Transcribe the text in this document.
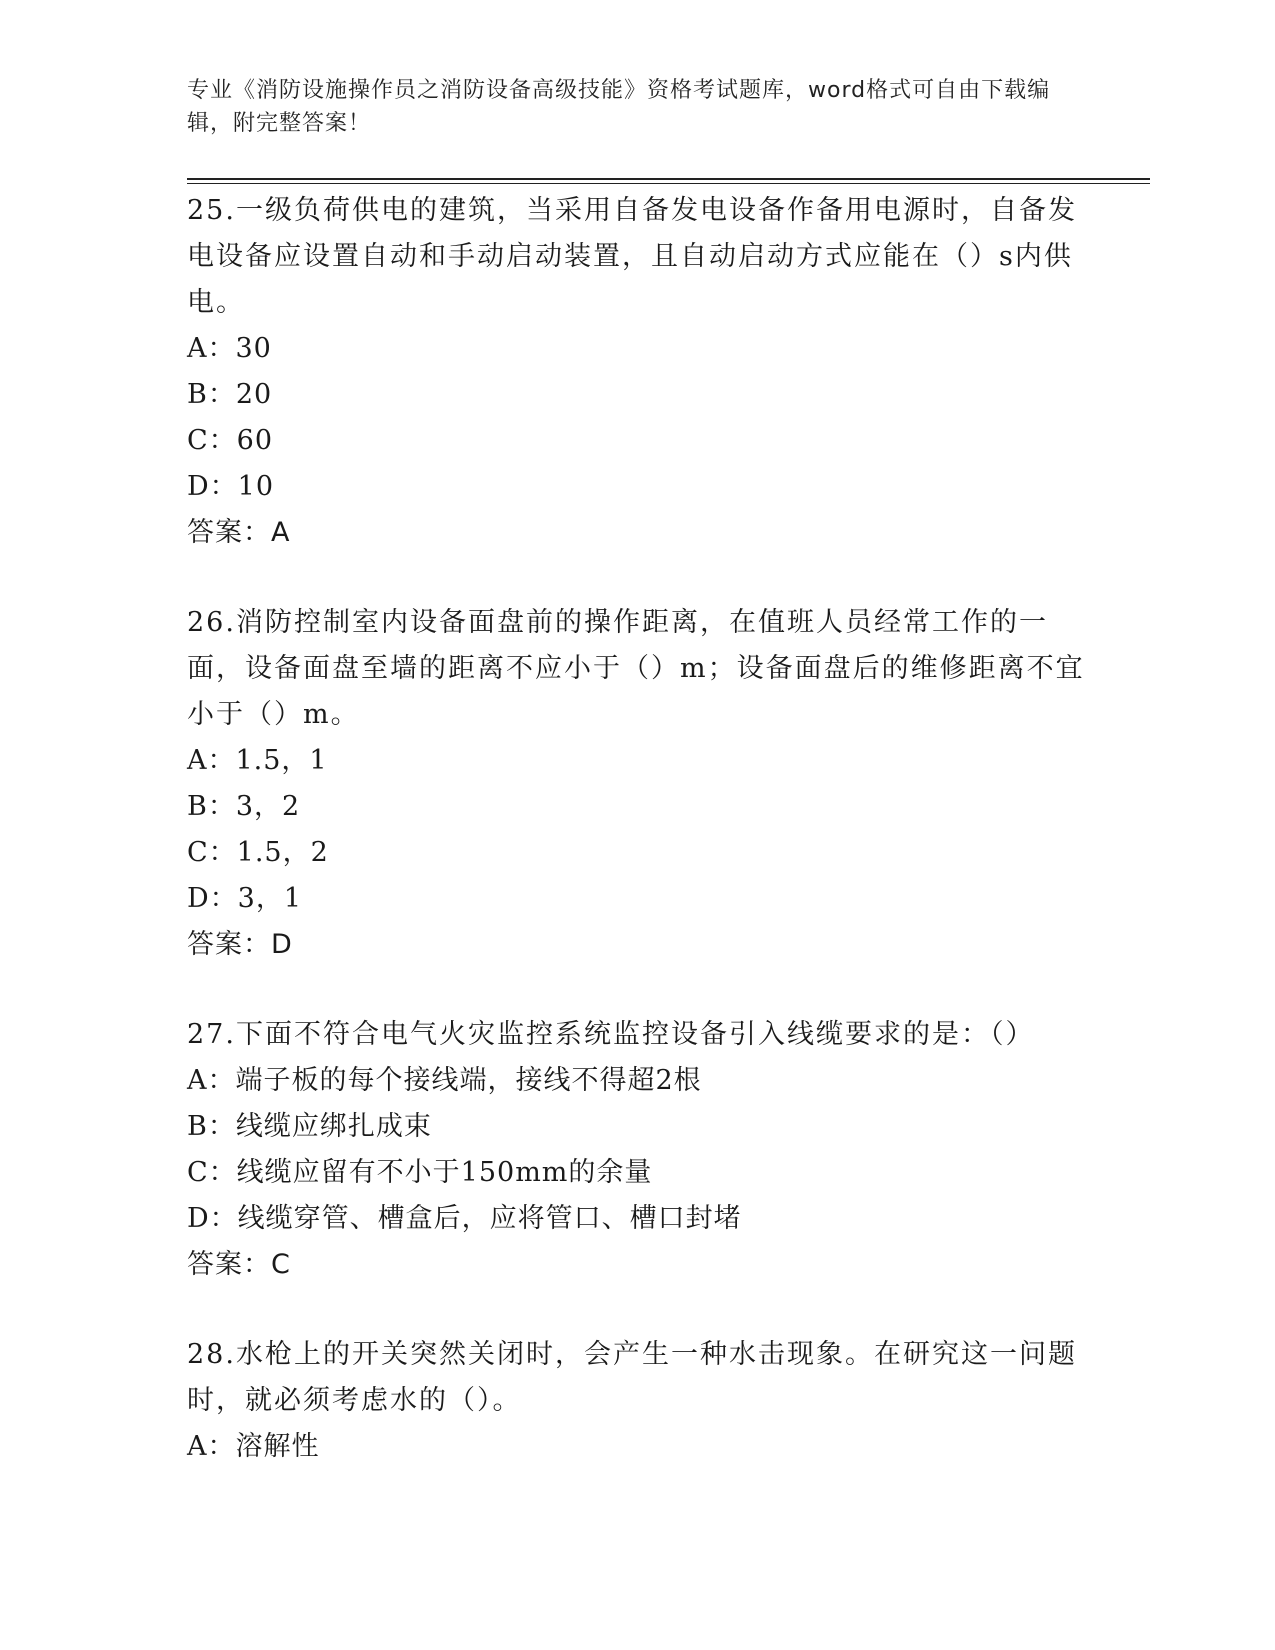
专业《消防设施操作员之消防设备高级技能》资格考试题库，word格式可自由下载编辑，附完整答案！

25.一级负荷供电的建筑，当采用自备发电设备作备用电源时，自备发电设备应设置自动和手动启动装置，且自动启动方式应能在（）s内供电。

A：30

B：20

C：60

D：10

答案：A

26.消防控制室内设备面盘前的操作距离，在值班人员经常工作的一面，设备面盘至墙的距离不应小于（）m；设备面盘后的维修距离不宜小于（）m。

A：1.5，1

B：3，2

C：1.5，2

D：3，1

答案：D

27.下面不符合电气火灾监控系统监控设备引入线缆要求的是：（）

A：端子板的每个接线端，接线不得超2根

B：线缆应绑扎成束

C：线缆应留有不小于150mm的余量

D：线缆穿管、槽盒后，应将管口、槽口封堵

答案：C

28.水枪上的开关突然关闭时，会产生一种水击现象。在研究这一问题时，就必须考虑水的（）。

A：溶解性
